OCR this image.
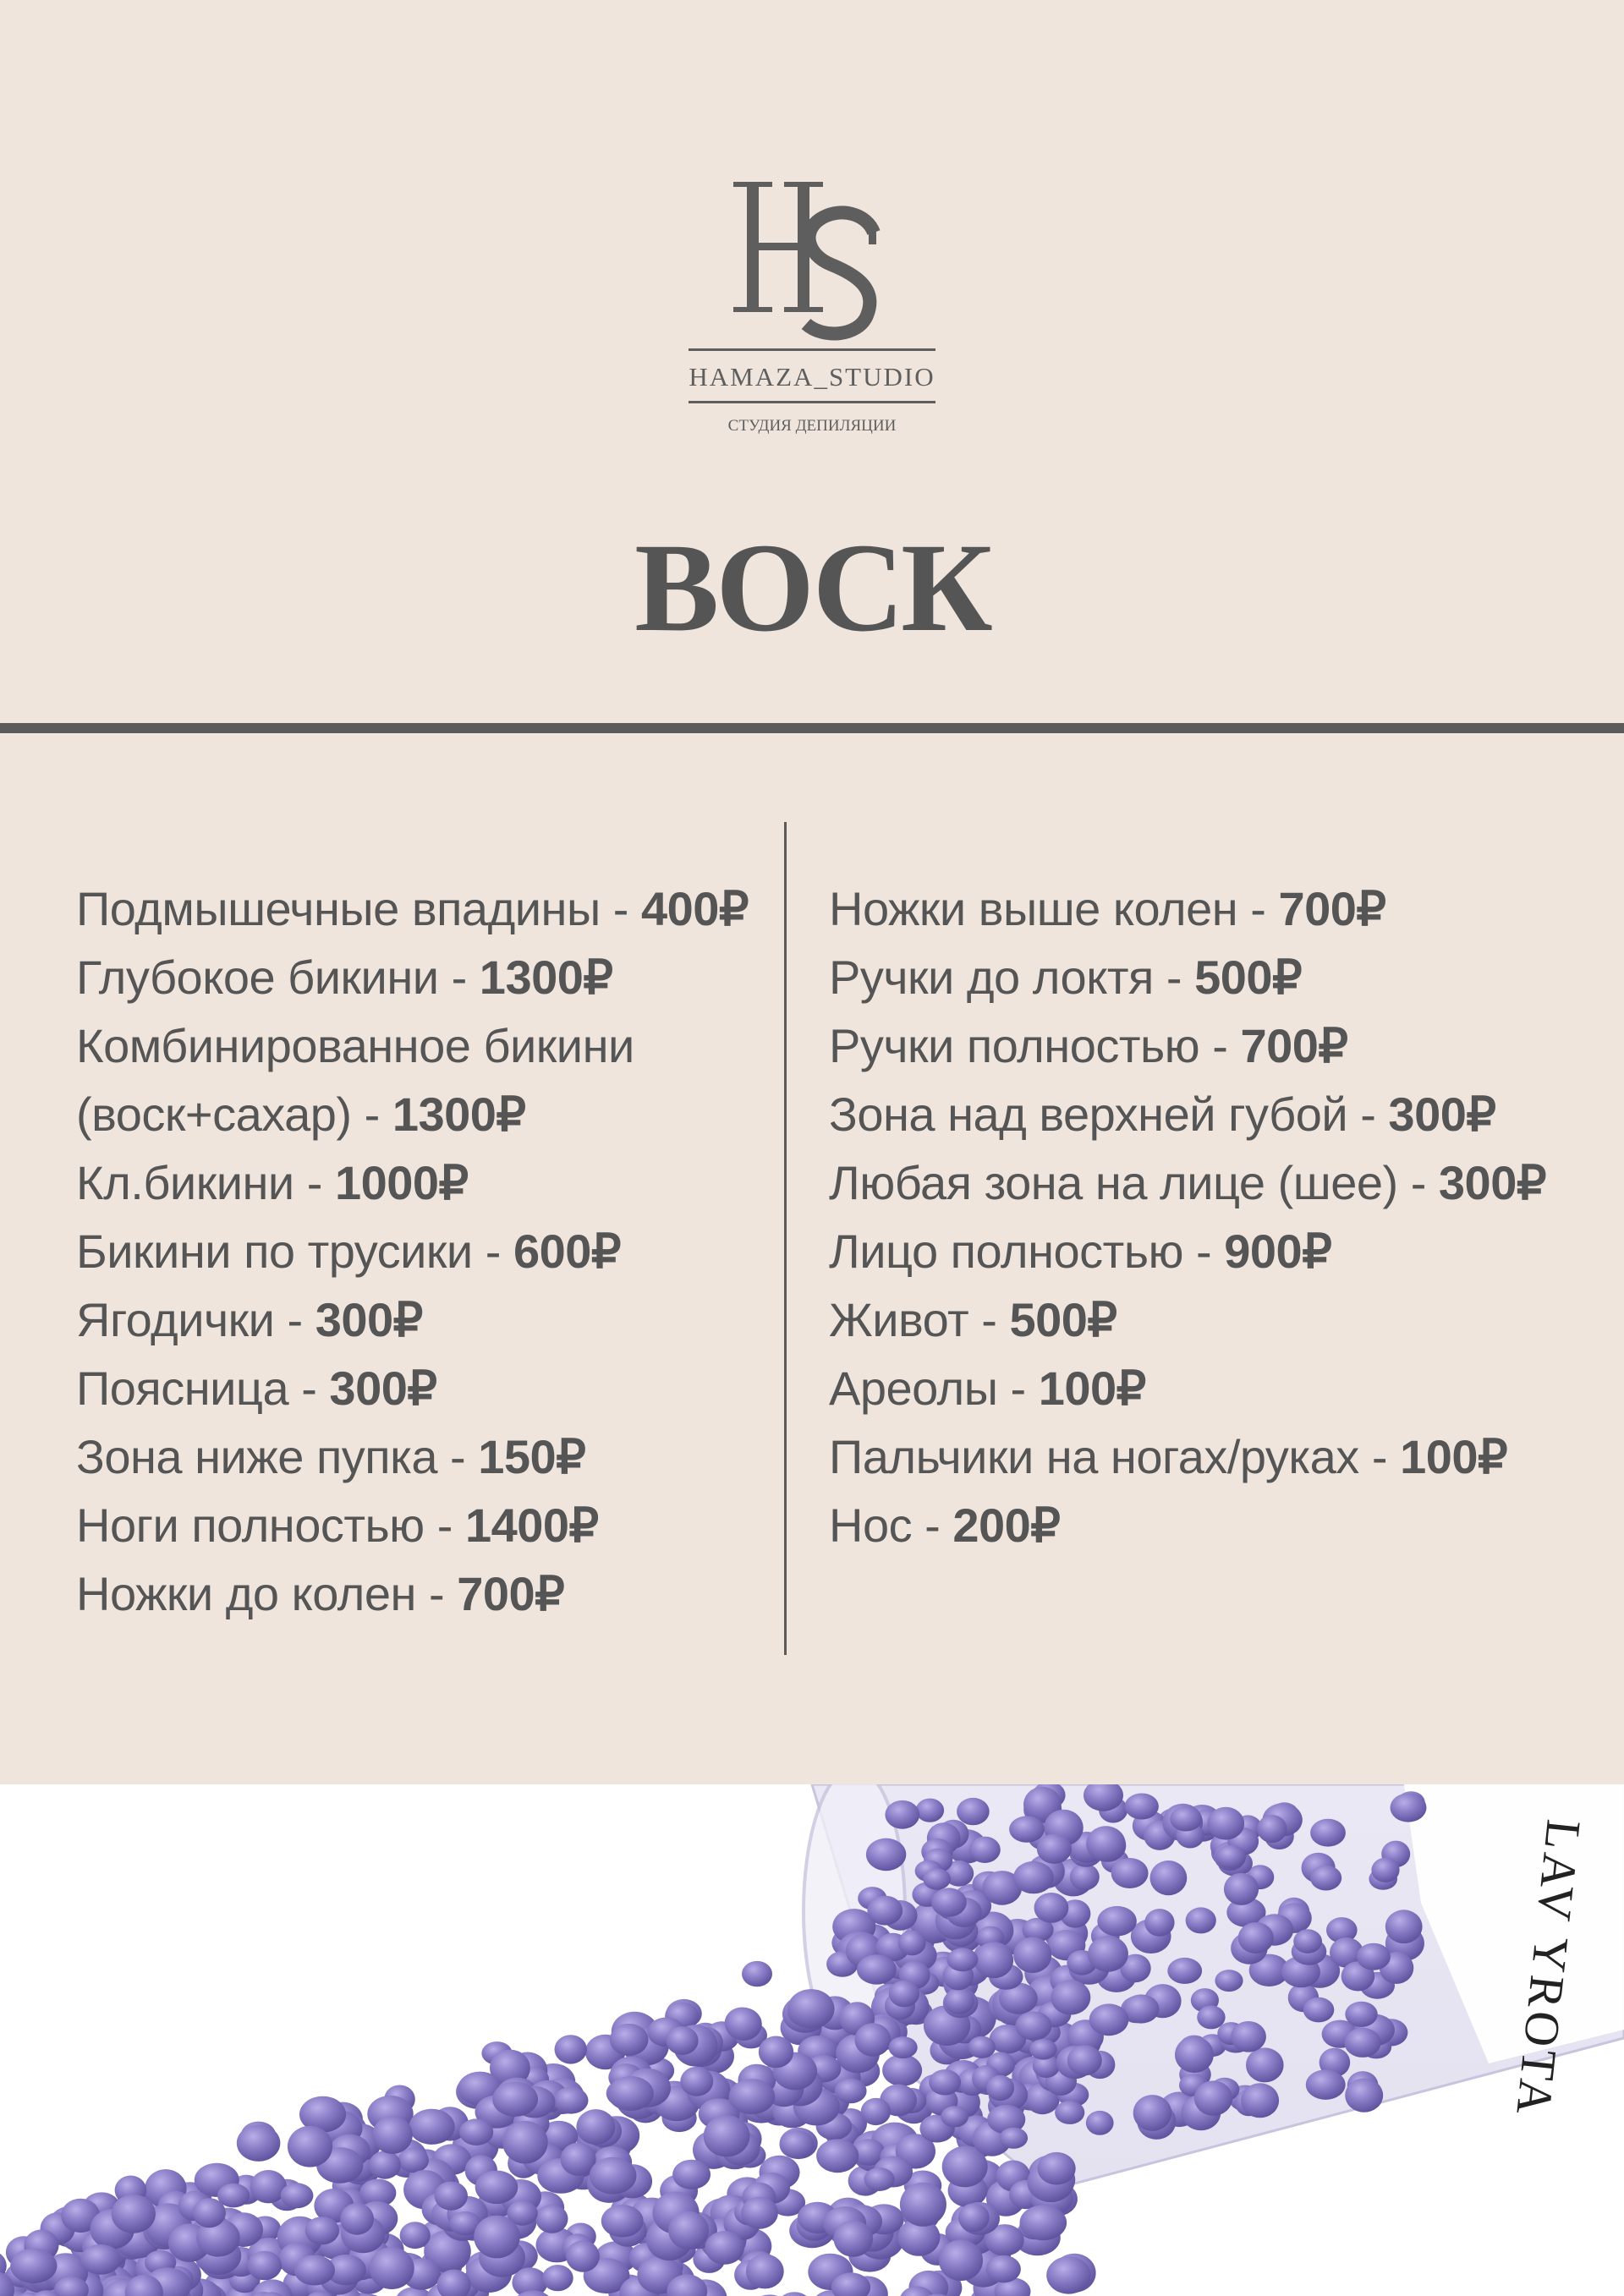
HAMAZA_STUDIO
СТУДИЯ ДЕПИЛЯЦИИ
ВОСК
Подмышечные впадины - 400₽
Глубокое бикини - 1300₽
Комбинированное бикини
(воск+сахар) - 1300₽
Кл.бикини - 1000₽
Бикини по трусики - 600₽
Ягодички - 300₽
Поясница - 300₽
Зона ниже пупка - 150₽
Ноги полностью - 1400₽
Ножки до колен - 700₽
Ножки выше колен - 700₽
Ручки до локтя - 500₽
Ручки полностью - 700₽
Зона над верхней губой - 300₽
Любая зона на лице (шее) - 300₽
Лицо полностью - 900₽
Живот - 500₽
Ареолы - 100₽
Пальчики на ногах/руках - 100₽
Нос - 200₽
LAV YROTA
